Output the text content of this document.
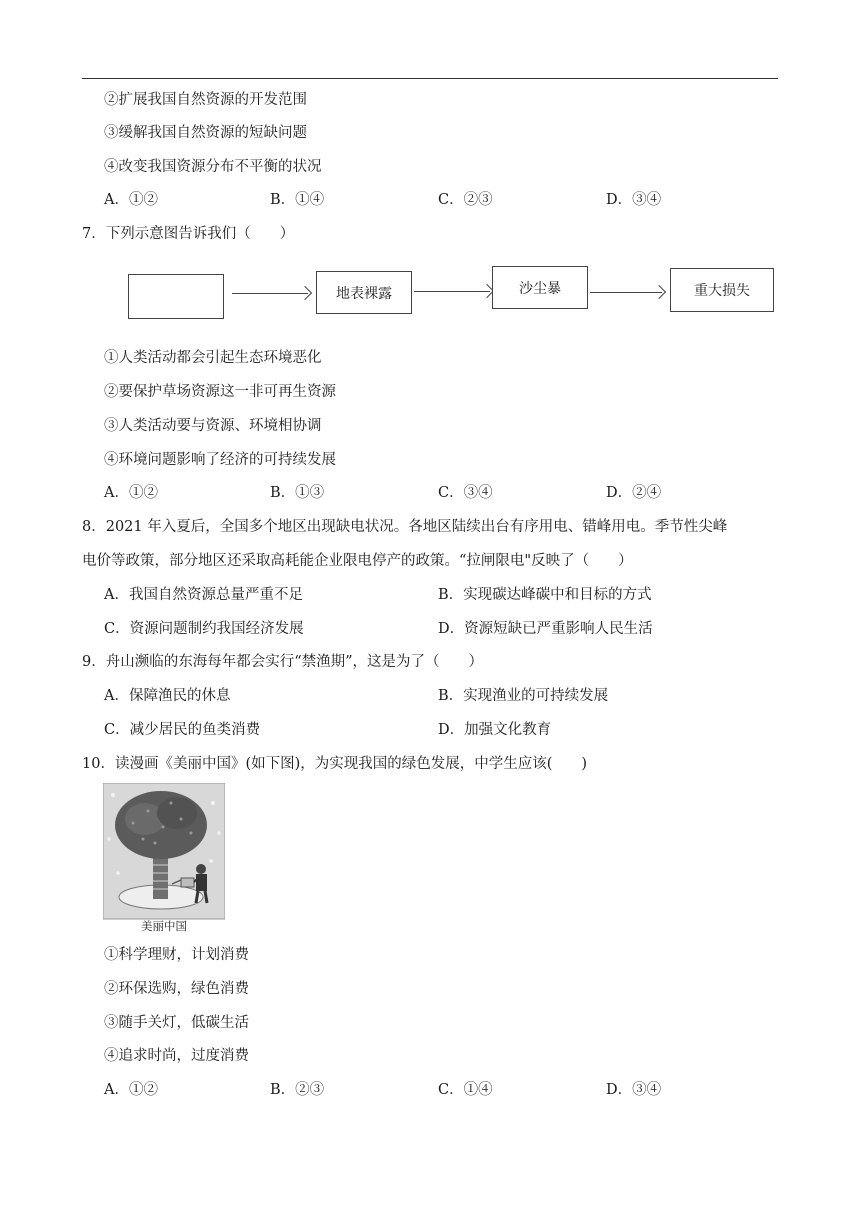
②扩展我国自然资源的开发范围
③缓解我国自然资源的短缺问题
④改变我国资源分布不平衡的状况
A．①②	B．①④	C．②③	D．③④
7．下列示意图告诉我们（　　）
地表裸露	沙尘暴	重大损失
①人类活动都会引起生态环境恶化
②要保护草场资源这一非可再生资源
③人类活动要与资源、环境相协调
④环境问题影响了经济的可持续发展
A．①②	B．①③	C．③④	D．②④
8．2021 年入夏后，全国多个地区出现缺电状况。各地区陆续出台有序用电、错峰用电。季节性尖峰
电价等政策，部分地区还采取高耗能企业限电停产的政策。“拉闸限电"反映了（　　）
A．我国自然资源总量严重不足	B．实现碳达峰碳中和目标的方式
C．资源问题制约我国经济发展	D．资源短缺已严重影响人民生活
9．舟山濒临的东海每年都会实行“禁渔期”，这是为了（　　）
A．保障渔民的休息	B．实现渔业的可持续发展
C．减少居民的鱼类消费	D．加强文化教育
10．读漫画《美丽中国》(如下图)，为实现我国的绿色发展，中学生应该(　　)
美丽中国
①科学理财，计划消费
②环保选购，绿色消费
③随手关灯，低碳生活
④追求时尚，过度消费
A．①②	B．②③	C．①④	D．③④
